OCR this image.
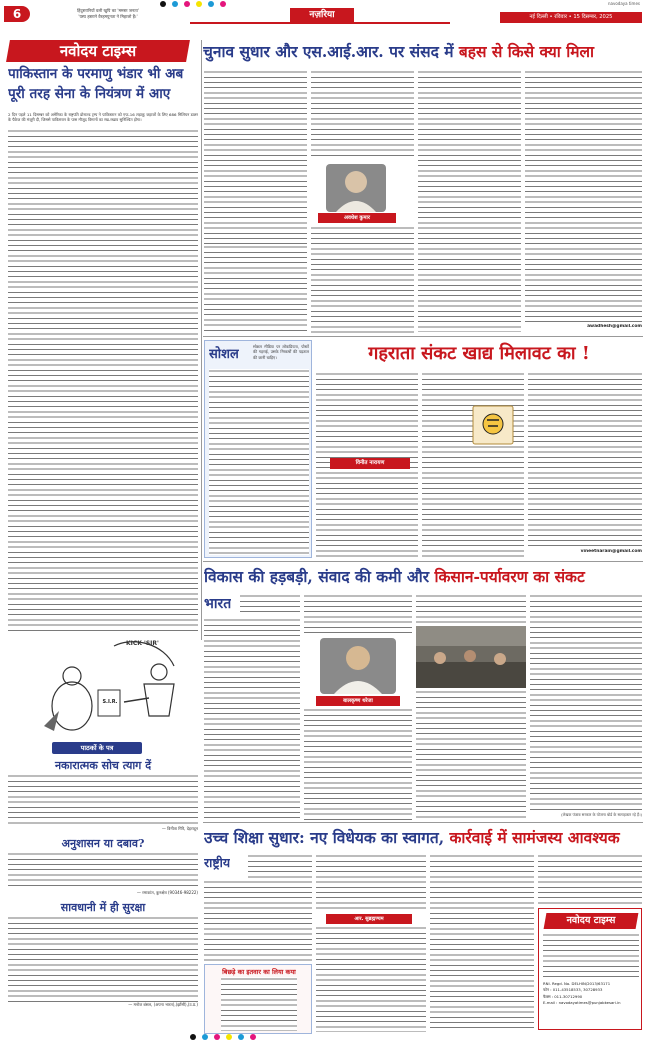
6	हिंदुस्तानियों वली खुपि का 'ममस्त जनता'
'यस्य हस्ताने वैरहमयुनता ने मिहाजो हैं।'	नज़रिया
navodaya times
नई दिल्ली • रविवार • 15 दिसम्बर, 2025
नवोदय टाइम्स
पाकिस्तान के परमाणु भंडार भी अब
पूरी तरह सेना के नियंत्रण में आए
2 दिन पहले 11 दिसम्बर को अमेरिका के राष्ट्रपति डोनाल्ड ट्रम्प ने पाकिस्तान को एफ-16 लड़ाकू जहाजों के लिए 686 मिलियन डालर के पैकेज की मंजूरी दी, जिससे पाकिस्तान के पास मौजूद विमानों का रख-रखाव सुनिश्चित होगा।
KICK 'SIR'
S.I.R.
पाठकों के पत्र
नकारात्मक सोच त्याग दें
— विनीता गिरि, देहरादून
अनुशासन या दबाव?
— रमाकांत, कुरुक्षेत्र (90346-98222)
सावधानी में ही सुरक्षा
— मनोज बंसल, (अपना भारत),(झाँसी),(उ.प्र.)
चुनाव सुधार और एस.आई.आर. पर संसद में बहस से किसे क्या मिला
अवधेश कुमार
awadhesh@gmail.com
सोशल
सोशल मीडिया पर लोकप्रियता, पोस्टों की गहराई, उसके निष्कर्षों की पड़ताल की जानी चाहिए।	गहराता संकट खाद्य मिलावट का !
विनीत नारायण
vineetnarain@gmail.com
विकास की हड़बड़ी, संवाद की कमी और किसान-पर्यावरण का संकट
भारत
बालकृष्ण थरेजा
(लेखक पंजाब सरकार के योजना बोर्ड के सलाहकार रहे हैं।)
उच्च शिक्षा सुधार: नए विधेयक का स्वागत, कार्रवाई में सामंजस्य आवश्यक
राष्ट्रीय
आर. सुब्रह्मण्यम
बिछड़े का इतवार का लिया कया
नवोदय टाइम्स
RNI. Regd. No. DELHIN/2013/63171
फोन : 011-43518533, 30728933
फैक्स : 011-30712990
E-mail : navodayatimes@punjabkesari.in
